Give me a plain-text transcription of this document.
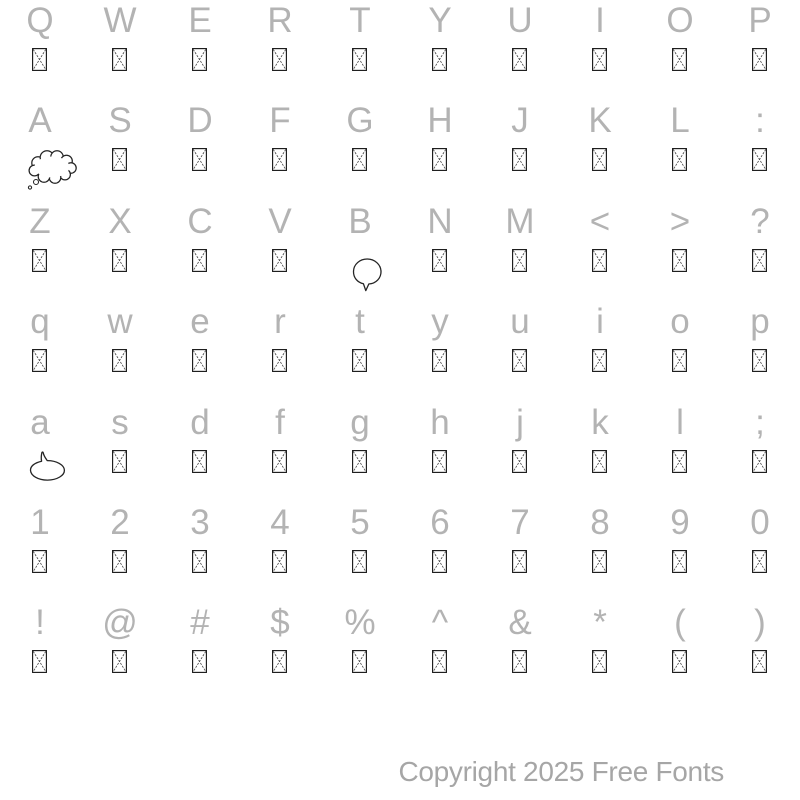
Q	W	E	R	T	Y	U	I	O	P
A	S	D	F	G	H	J	K	L	:
Z	X	C	V	B	N	M	<	>	?
q	w	e	r	t	y	u	i	o	p
a	s	d	f	g	h	j	k	l	;
1	2	3	4	5	6	7	8	9	0
!	@	#	$	%	^	&	*	(	)
Copyright 2025 Free Fonts
